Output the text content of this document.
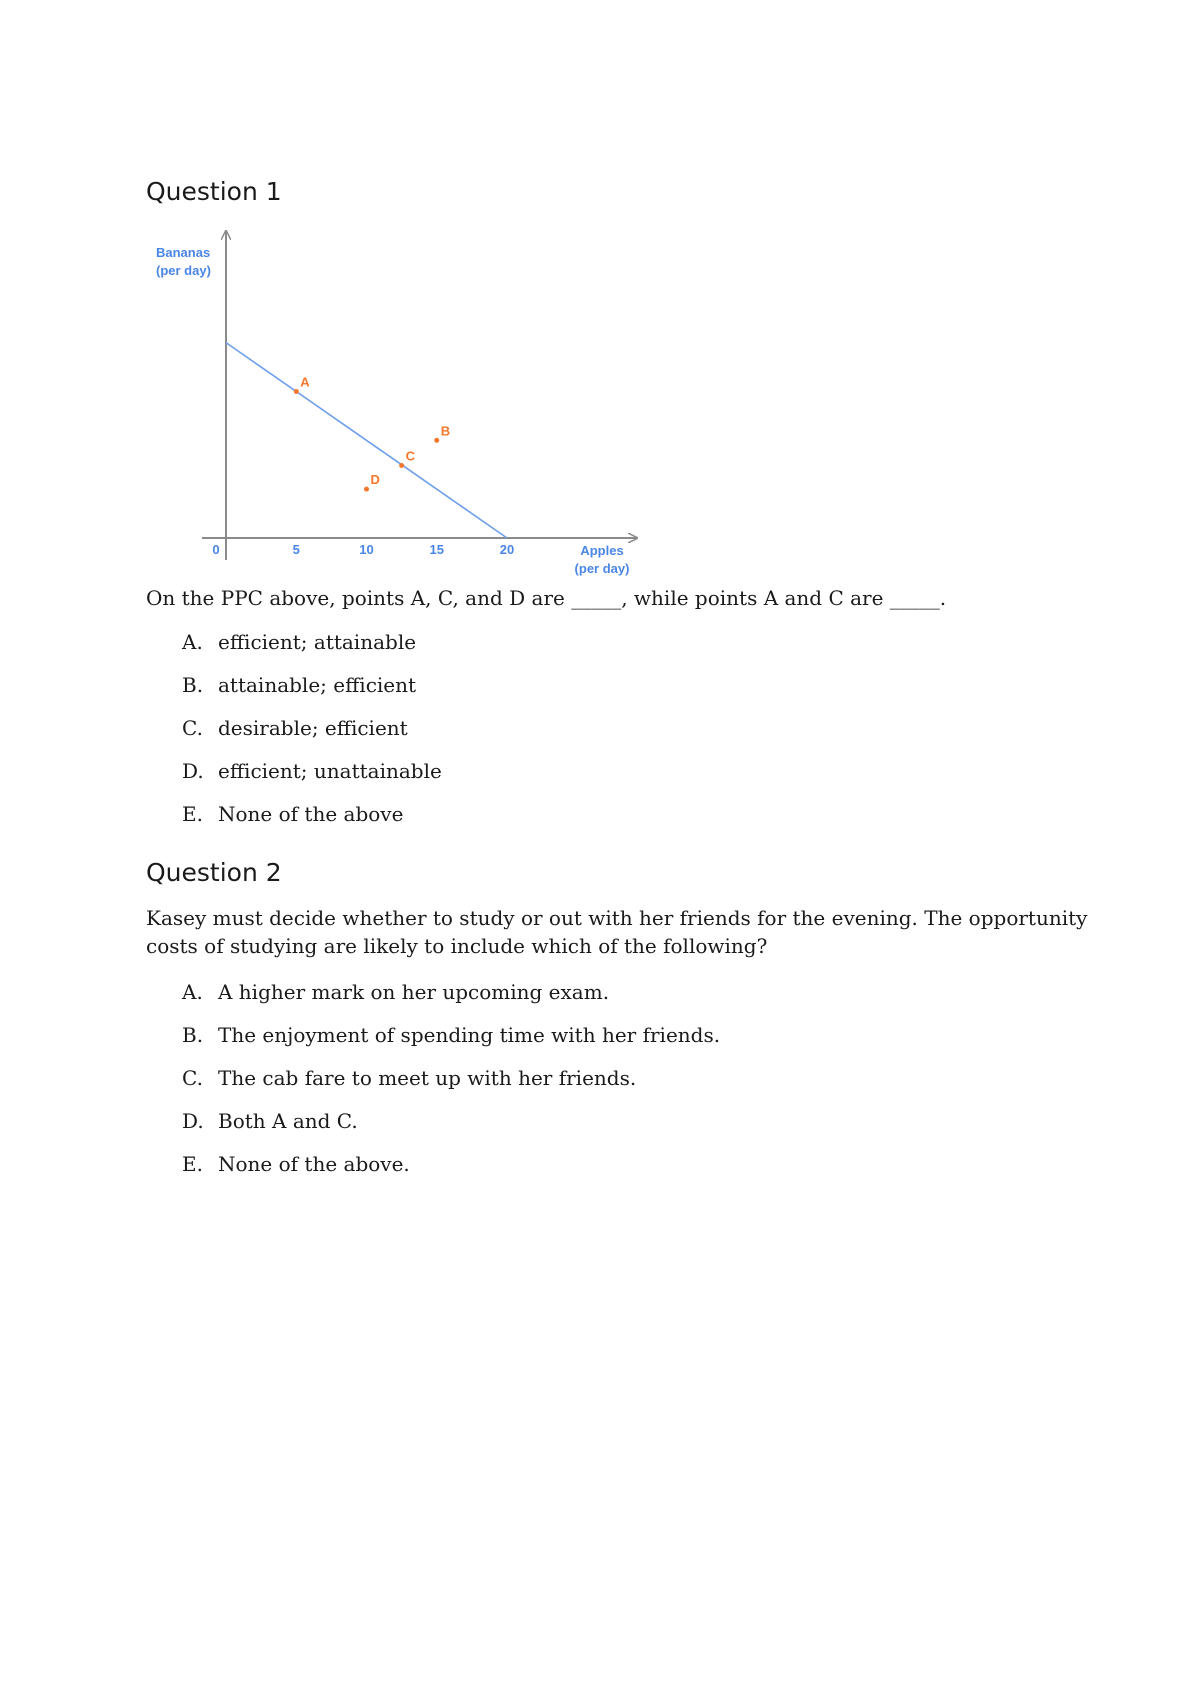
Question 1
Bananas
(per day)
Apples
(per day)
0	5	10	15	20
A
B
C
D

On the PPC above, points A, C, and D are _____, while points A and C are _____.

A. efficient; attainable
B. attainable; efficient
C. desirable; efficient
D. efficient; unattainable
E. None of the above
Question 2

Kasey must decide whether to study or out with her friends for the evening. The opportunity

costs of studying are likely to include which of the following?

A. A higher mark on her upcoming exam.
B. The enjoyment of spending time with her friends.
C. The cab fare to meet up with her friends.
D. Both A and C.
E. None of the above.
